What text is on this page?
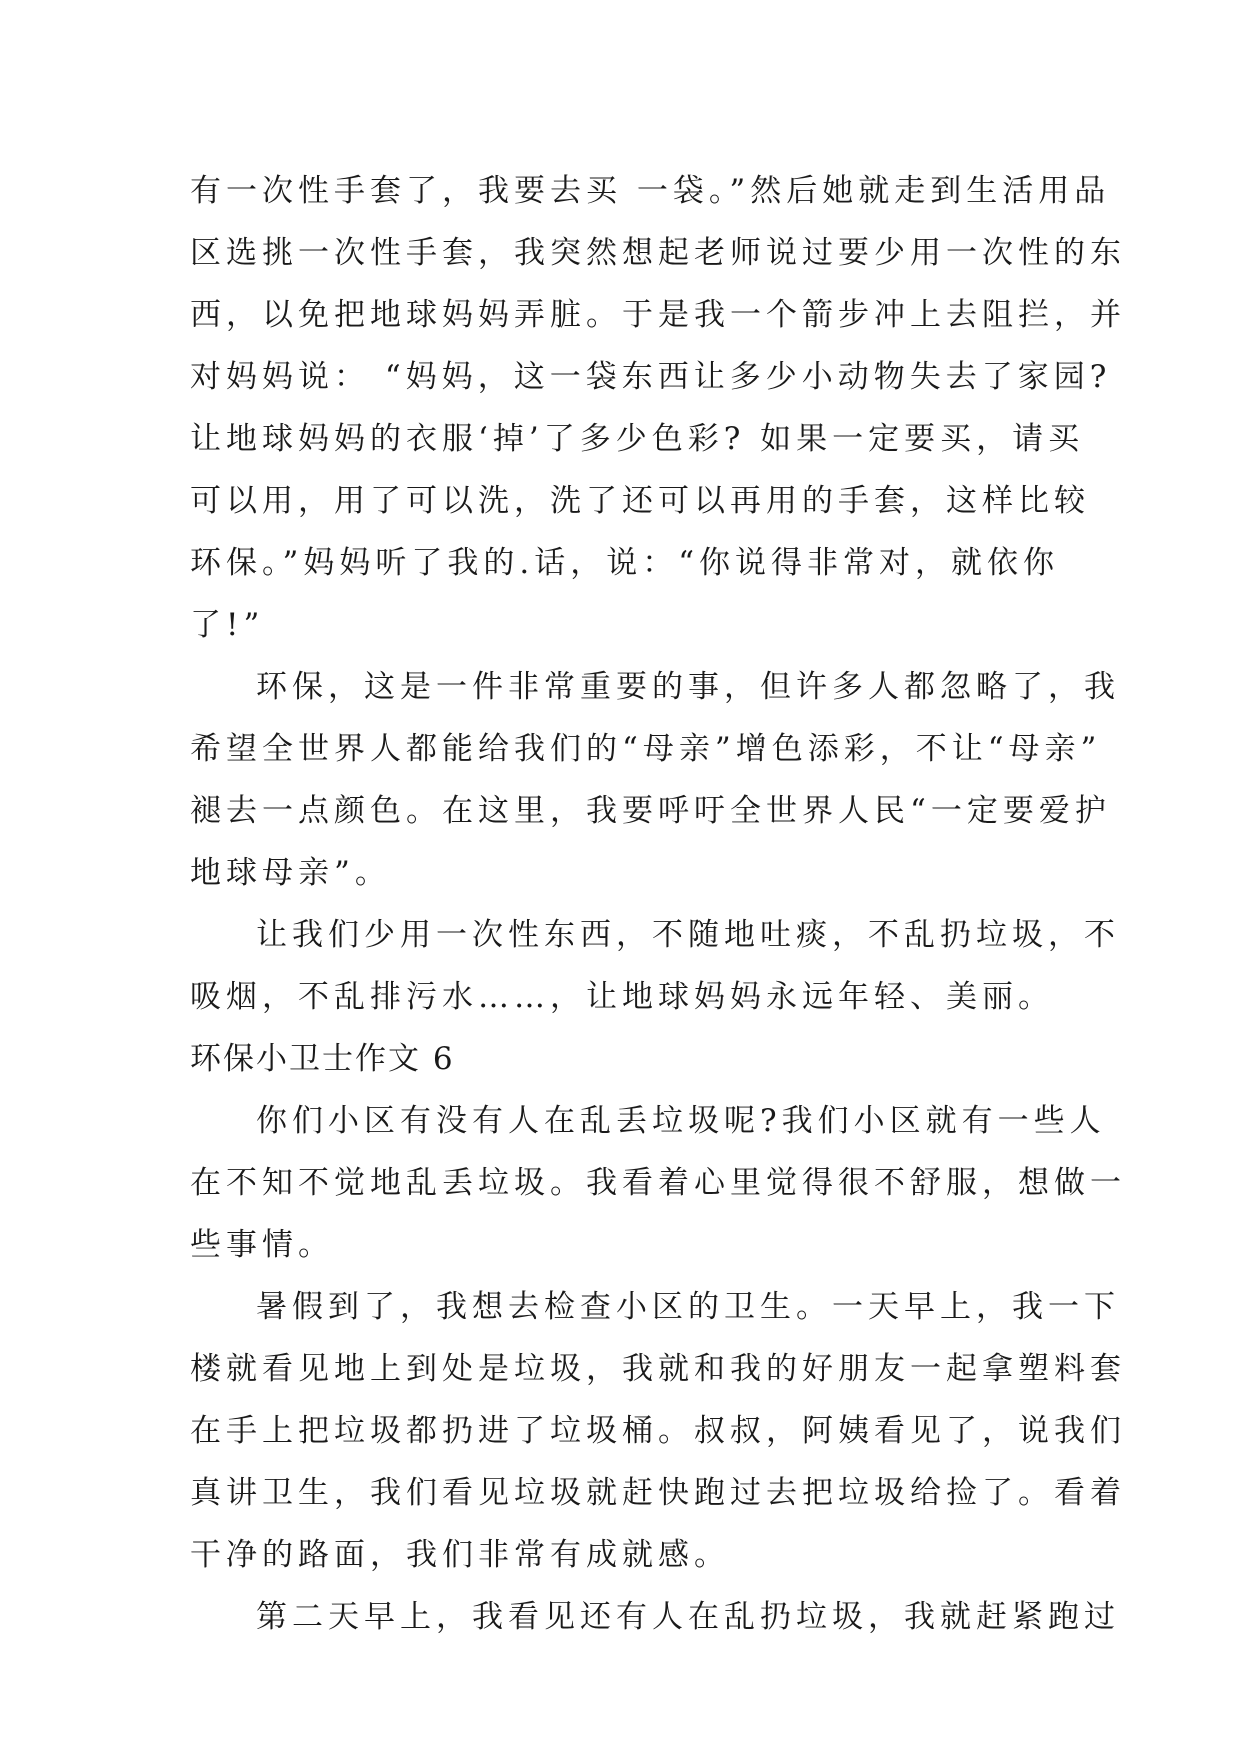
有一次性手套了，我要去买 一袋。”然后她就走到生活用品
区选挑一次性手套，我突然想起老师说过要少用一次性的东
西，以免把地球妈妈弄脏。于是我一个箭步冲上去阻拦，并
对妈妈说： “妈妈，这一袋东西让多少小动物失去了家园?
让地球妈妈的衣服‘掉’了多少色彩? 如果一定要买，请买
可以用，用了可以洗，洗了还可以再用的手套，这样比较
环保。”妈妈听了我的.话，说：“你说得非常对，就依你
了!”
环保，这是一件非常重要的事，但许多人都忽略了，我
希望全世界人都能给我们的“母亲”增色添彩，不让“母亲”
褪去一点颜色。在这里，我要呼吁全世界人民“一定要爱护
地球母亲”。
让我们少用一次性东西，不随地吐痰，不乱扔垃圾，不
吸烟，不乱排污水……，让地球妈妈永远年轻、美丽。
环保小卫士作文 6
你们小区有没有人在乱丢垃圾呢?我们小区就有一些人
在不知不觉地乱丢垃圾。我看着心里觉得很不舒服，想做一
些事情。
暑假到了，我想去检查小区的卫生。一天早上，我一下
楼就看见地上到处是垃圾，我就和我的好朋友一起拿塑料套
在手上把垃圾都扔进了垃圾桶。叔叔，阿姨看见了，说我们
真讲卫生，我们看见垃圾就赶快跑过去把垃圾给捡了。看着
干净的路面，我们非常有成就感。
第二天早上，我看见还有人在乱扔垃圾，我就赶紧跑过
